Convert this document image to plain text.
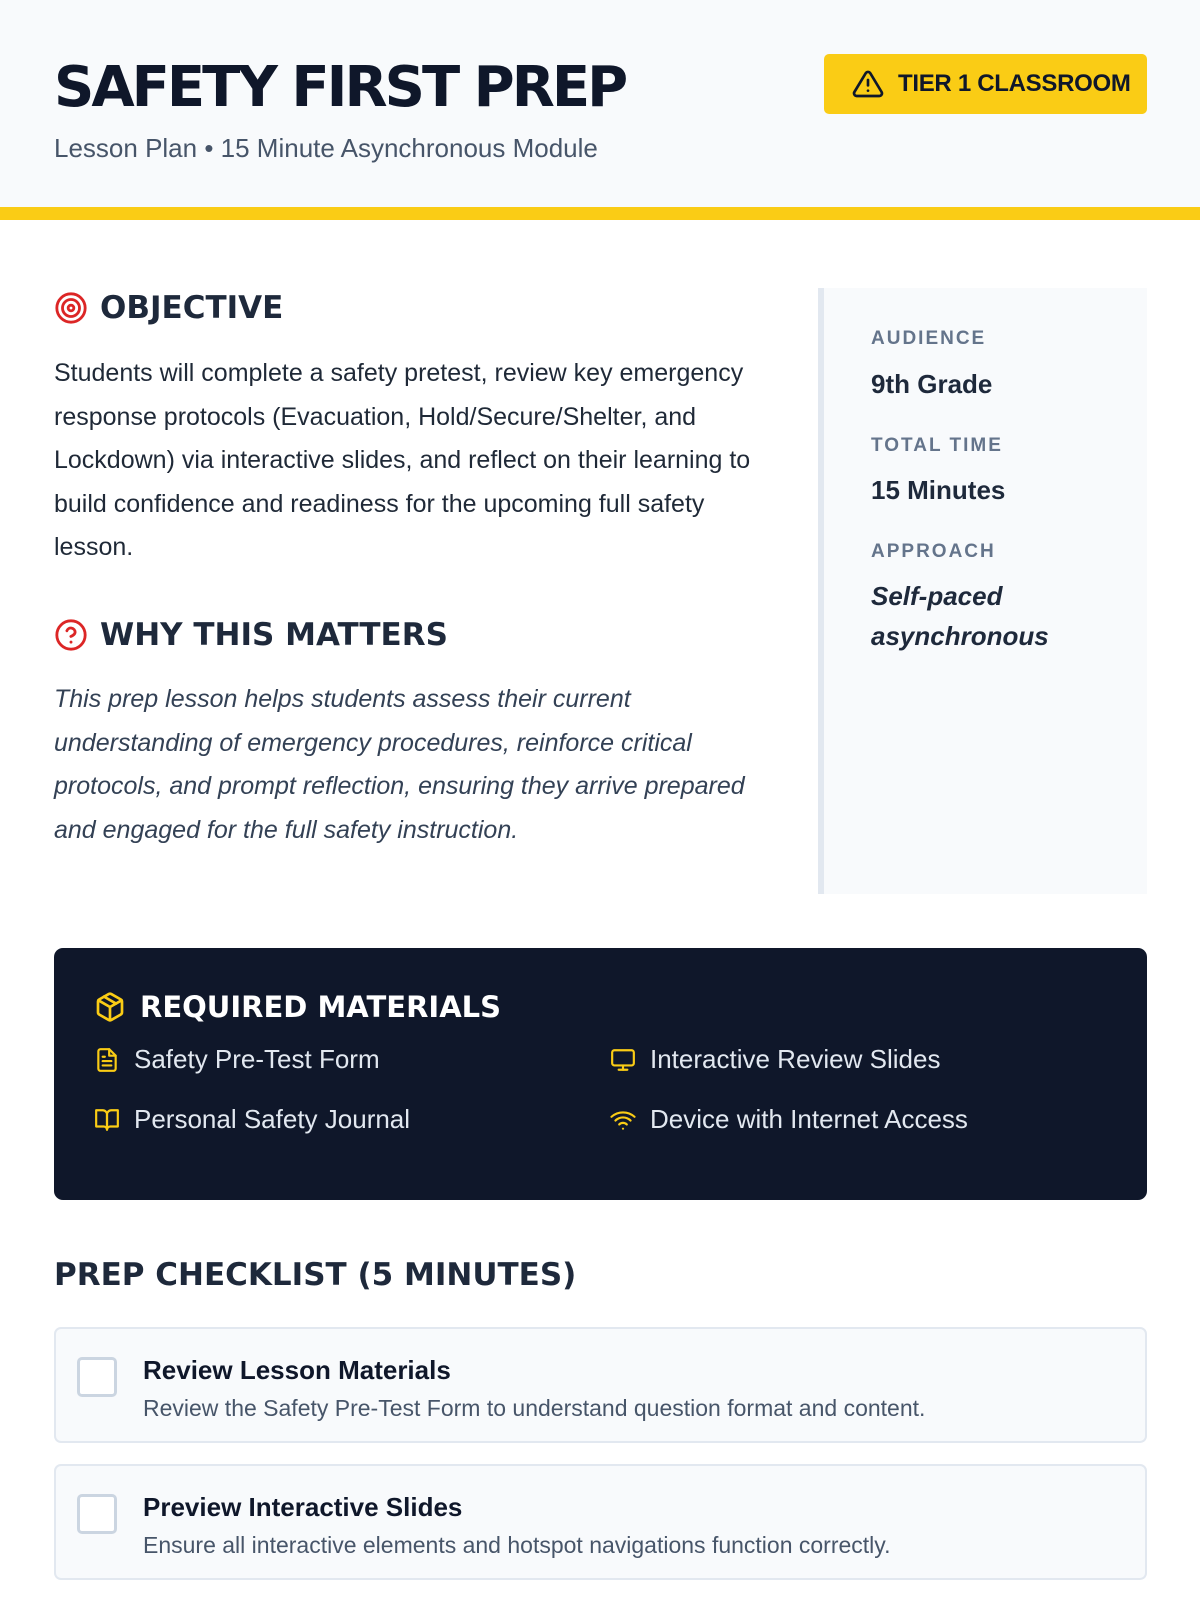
SAFETY FIRST PREP
Lesson Plan • 15 Minute Asynchronous Module
TIER 1 CLASSROOM
OBJECTIVE

Students will complete a safety pretest, review key emergency response protocols (Evacuation, Hold/Secure/Shelter, and Lockdown) via interactive slides, and reflect on their learning to build confidence and readiness for the upcoming full safety lesson.

WHY THIS MATTERS

This prep lesson helps students assess their current understanding of emergency procedures, reinforce critical protocols, and prompt reflection, ensuring they arrive prepared and engaged for the full safety instruction.

AUDIENCE
9th Grade
TOTAL TIME
15 Minutes
APPROACH
Self-paced asynchronous
REQUIRED MATERIALS
Safety Pre-Test Form	Interactive Review Slides
Personal Safety Journal	Device with Internet Access
PREP CHECKLIST (5 MINUTES)
Review Lesson Materials
Review the Safety Pre-Test Form to understand question format and content.
Preview Interactive Slides
Ensure all interactive elements and hotspot navigations function correctly.
